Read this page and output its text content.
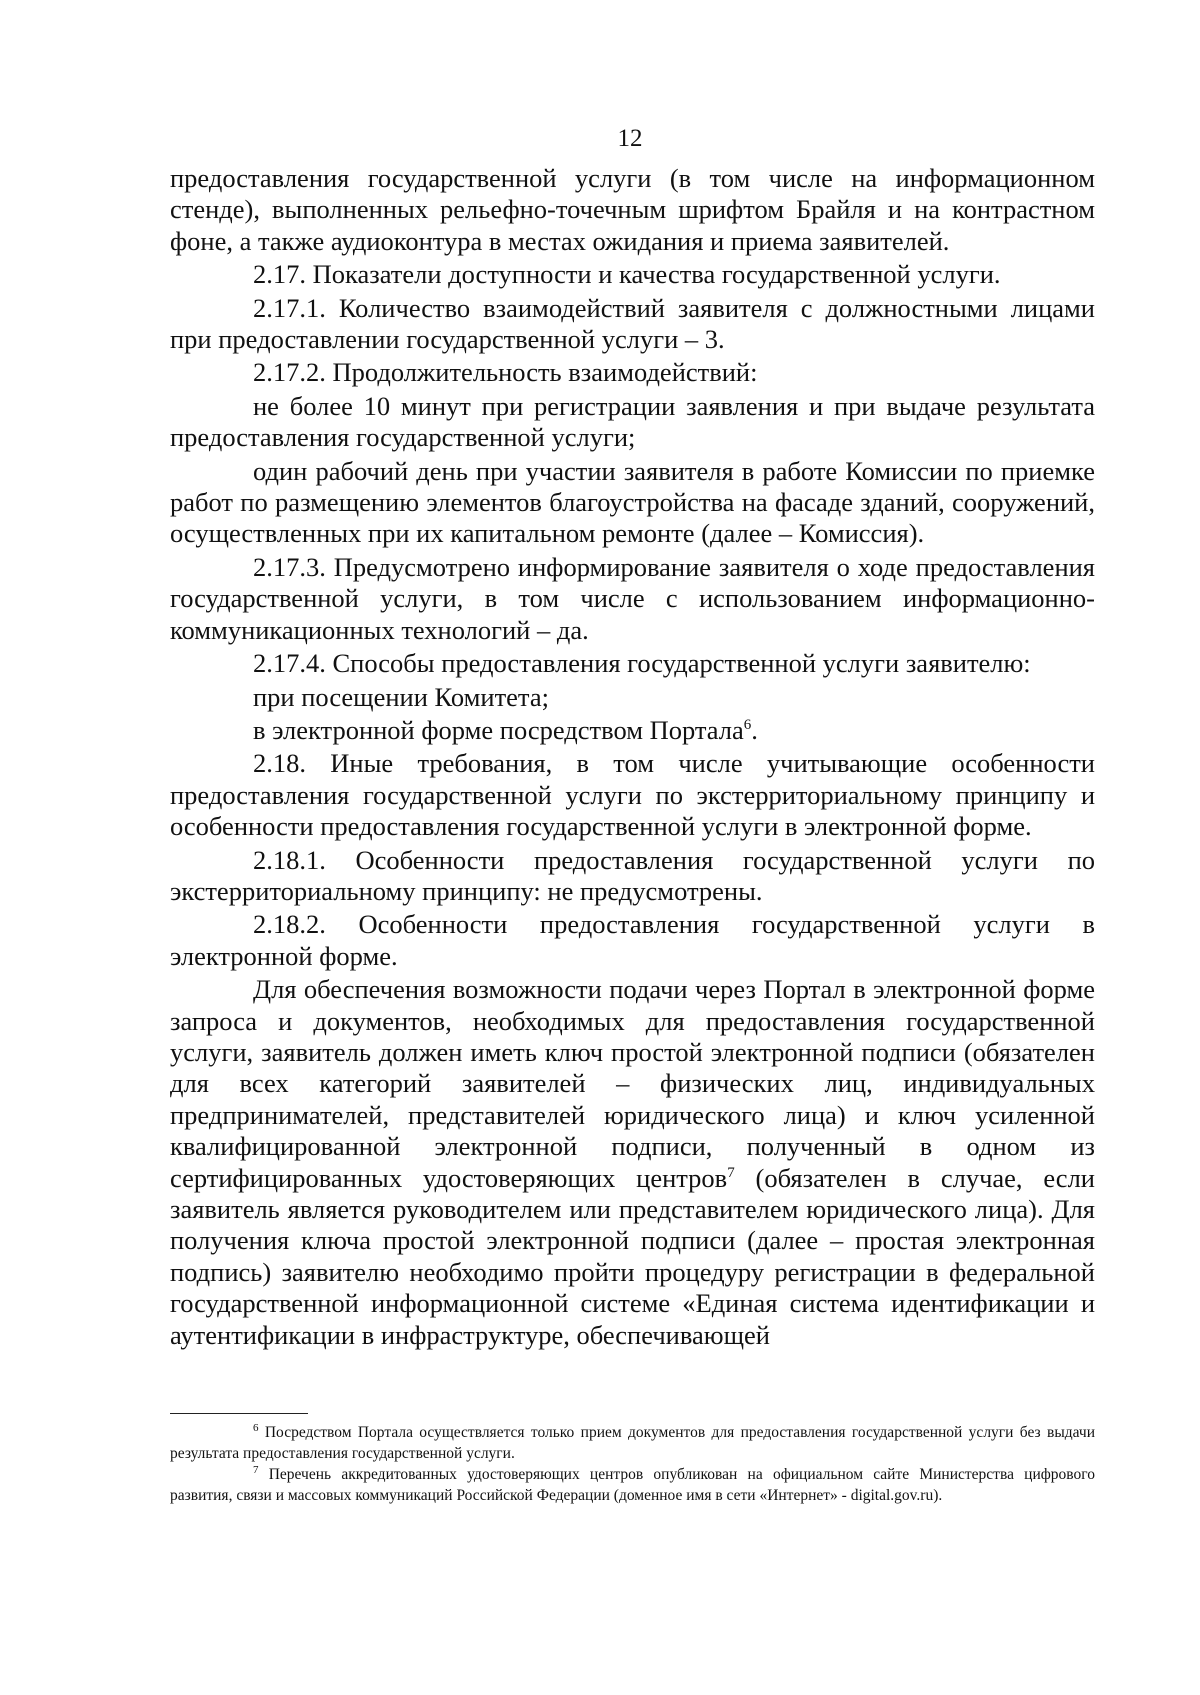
12

предоставления государственной услуги (в том числе на информационном стенде), выполненных рельефно-точечным шрифтом Брайля и на контрастном фоне, а также аудиоконтура в местах ожидания и приема заявителей.

2.17. Показатели доступности и качества государственной услуги.

2.17.1. Количество взаимодействий заявителя с должностными лицами при предоставлении государственной услуги – 3.

2.17.2. Продолжительность взаимодействий:

не более 10 минут при регистрации заявления и при выдаче результата предоставления государственной услуги;

один рабочий день при участии заявителя в работе Комиссии по приемке работ по размещению элементов благоустройства на фасаде зданий, сооружений, осуществленных при их капитальном ремонте (далее – Комиссия).

2.17.3. Предусмотрено информирование заявителя о ходе предоставления государственной услуги, в том числе с использованием информационно-коммуникационных технологий – да.

2.17.4. Способы предоставления государственной услуги заявителю:

при посещении Комитета;

в электронной форме посредством Портала$^6$.

2.18. Иные требования, в том числе учитывающие особенности предоставления государственной услуги по экстерриториальному принципу и особенности предоставления государственной услуги в электронной форме.

2.18.1. Особенности предоставления государственной услуги по экстерриториальному принципу: не предусмотрены.

2.18.2. Особенности предоставления государственной услуги в электронной форме.

Для обеспечения возможности подачи через Портал в электронной форме запроса и документов, необходимых для предоставления государственной услуги, заявитель должен иметь ключ простой электронной подписи (обязателен для всех категорий заявителей – физических лиц, индивидуальных предпринимателей, представителей юридического лица) и ключ усиленной квалифицированной электронной подписи, полученный в одном из сертифицированных удостоверяющих центров$^7$ (обязателен в случае, если заявитель является руководителем или представителем юридического лица). Для получения ключа простой электронной подписи (далее – простая электронная подпись) заявителю необходимо пройти процедуру регистрации в федеральной государственной информационной системе «Единая система идентификации и аутентификации в инфраструктуре, обеспечивающей

$^6$ Посредством Портала осуществляется только прием документов для предоставления государственной услуги без выдачи результата предоставления государственной услуги.

$^7$ Перечень аккредитованных удостоверяющих центров опубликован на официальном сайте Министерства цифрового развития, связи и массовых коммуникаций Российской Федерации (доменное имя в сети «Интернет» - digital.gov.ru).
